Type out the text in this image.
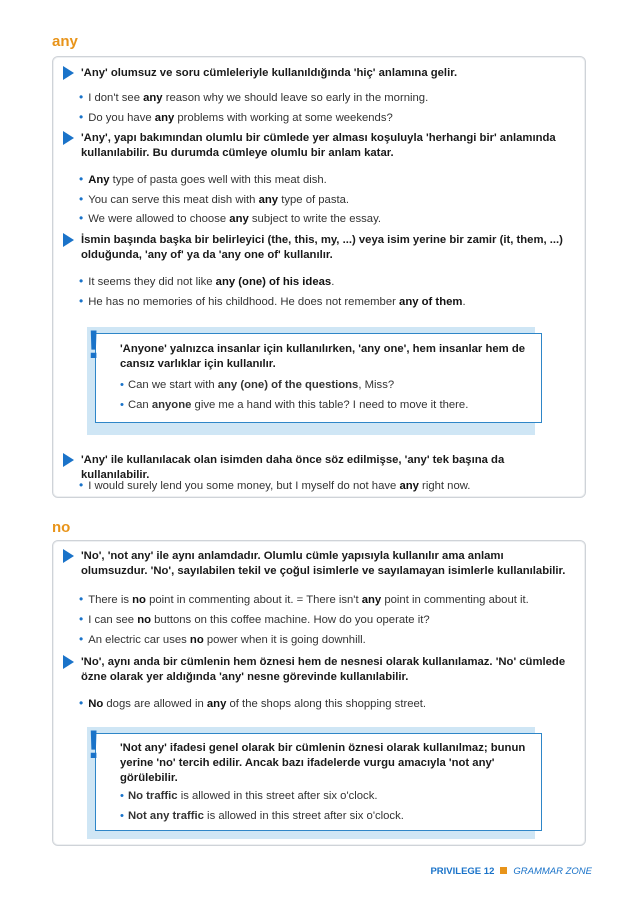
any
'Any' olumsuz ve soru cümleleriyle kullanıldığında 'hiç' anlamına gelir.
• I don't see any reason why we should leave so early in the morning.
• Do you have any problems with working at some weekends?
'Any', yapı bakımından olumlu bir cümlede yer alması koşuluyla 'herhangi bir' anlamında kullanılabilir. Bu durumda cümleye olumlu bir anlam katar.
• Any type of pasta goes well with this meat dish.
• You can serve this meat dish with any type of pasta.
• We were allowed to choose any subject to write the essay.
İsmin başında başka bir belirleyici (the, this, my, ...) veya isim yerine bir zamir (it, them, ...) olduğunda, 'any of' ya da 'any one of' kullanılır.
• It seems they did not like any (one) of his ideas.
• He has no memories of his childhood. He does not remember any of them.
'Anyone' yalnızca insanlar için kullanılırken, 'any one', hem insanlar hem de cansız varlıklar için kullanılır.
• Can we start with any (one) of the questions, Miss?
• Can anyone give me a hand with this table? I need to move it there.
!
'Any' ile kullanılacak olan isimden daha önce söz edilmişse, 'any' tek başına da kullanılabilir.
• I would surely lend you some money, but I myself do not have any right now.
no
'No', 'not any' ile aynı anlamdadır. Olumlu cümle yapısıyla kullanılır ama anlamı olumsuzdur. 'No', sayılabilen tekil ve çoğul isimlerle ve sayılamayan isimlerle kullanılabilir.
• There is no point in commenting about it. = There isn't any point in commenting about it.
• I can see no buttons on this coffee machine. How do you operate it?
• An electric car uses no power when it is going downhill.
'No', aynı anda bir cümlenin hem öznesi hem de nesnesi olarak kullanılamaz. 'No' cümlede özne olarak yer aldığında 'any' nesne görevinde kullanılabilir.
• No dogs are allowed in any of the shops along this shopping street.
'Not any' ifadesi genel olarak bir cümlenin öznesi olarak kullanılmaz; bunun yerine 'no' tercih edilir. Ancak bazı ifadelerde vurgu amacıyla 'not any' görülebilir.
• No traffic is allowed in this street after six o'clock.
• Not any traffic is allowed in this street after six o'clock.
!
PRIVILEGE 12 GRAMMAR ZONE
